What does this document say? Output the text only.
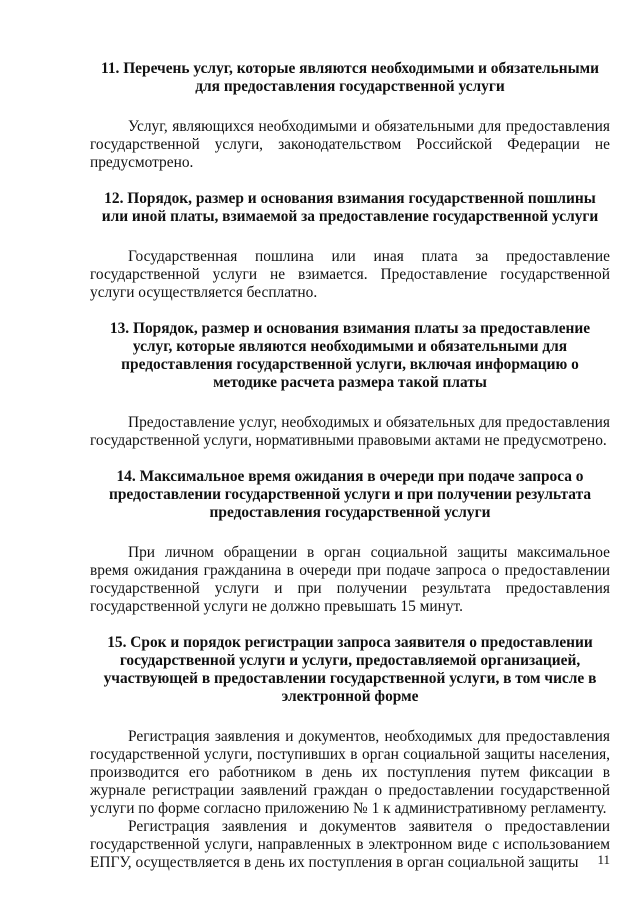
11. Перечень услуг, которые являются необходимыми и обязательными для предоставления государственной услуги

Услуг, являющихся необходимыми и обязательными для предоставления государственной услуги, законодательством Российской Федерации не предусмотрено.

12. Порядок, размер и основания взимания государственной пошлины или иной платы, взимаемой за предоставление государственной услуги

Государственная пошлина или иная плата за предоставление государственной услуги не взимается. Предоставление государственной услуги осуществляется бесплатно.

13. Порядок, размер и основания взимания платы за предоставление услуг, которые являются необходимыми и обязательными для предоставления государственной услуги, включая информацию о методике расчета размера такой платы

Предоставление услуг, необходимых и обязательных для предоставления государственной услуги, нормативными правовыми актами не предусмотрено.

14. Максимальное время ожидания в очереди при подаче запроса о предоставлении государственной услуги и при получении результата предоставления государственной услуги

При личном обращении в орган социальной защиты максимальное время ожидания гражданина в очереди при подаче запроса о предоставлении государственной услуги и при получении результата предоставления государственной услуги не должно превышать 15 минут.

15. Срок и порядок регистрации запроса заявителя о предоставлении государственной услуги и услуги, предоставляемой организацией, участвующей в предоставлении государственной услуги, в том числе в электронной форме

Регистрация заявления и документов, необходимых для предоставления государственной услуги, поступивших в орган социальной защиты населения, производится его работником в день их поступления путем фиксации в журнале регистрации заявлений граждан о предоставлении государственной услуги по форме согласно приложению № 1 к административному регламенту.

Регистрация заявления и документов заявителя о предоставлении государственной услуги, направленных в электронном виде с использованием ЕПГУ, осуществляется в день их поступления в орган социальной защиты	11
